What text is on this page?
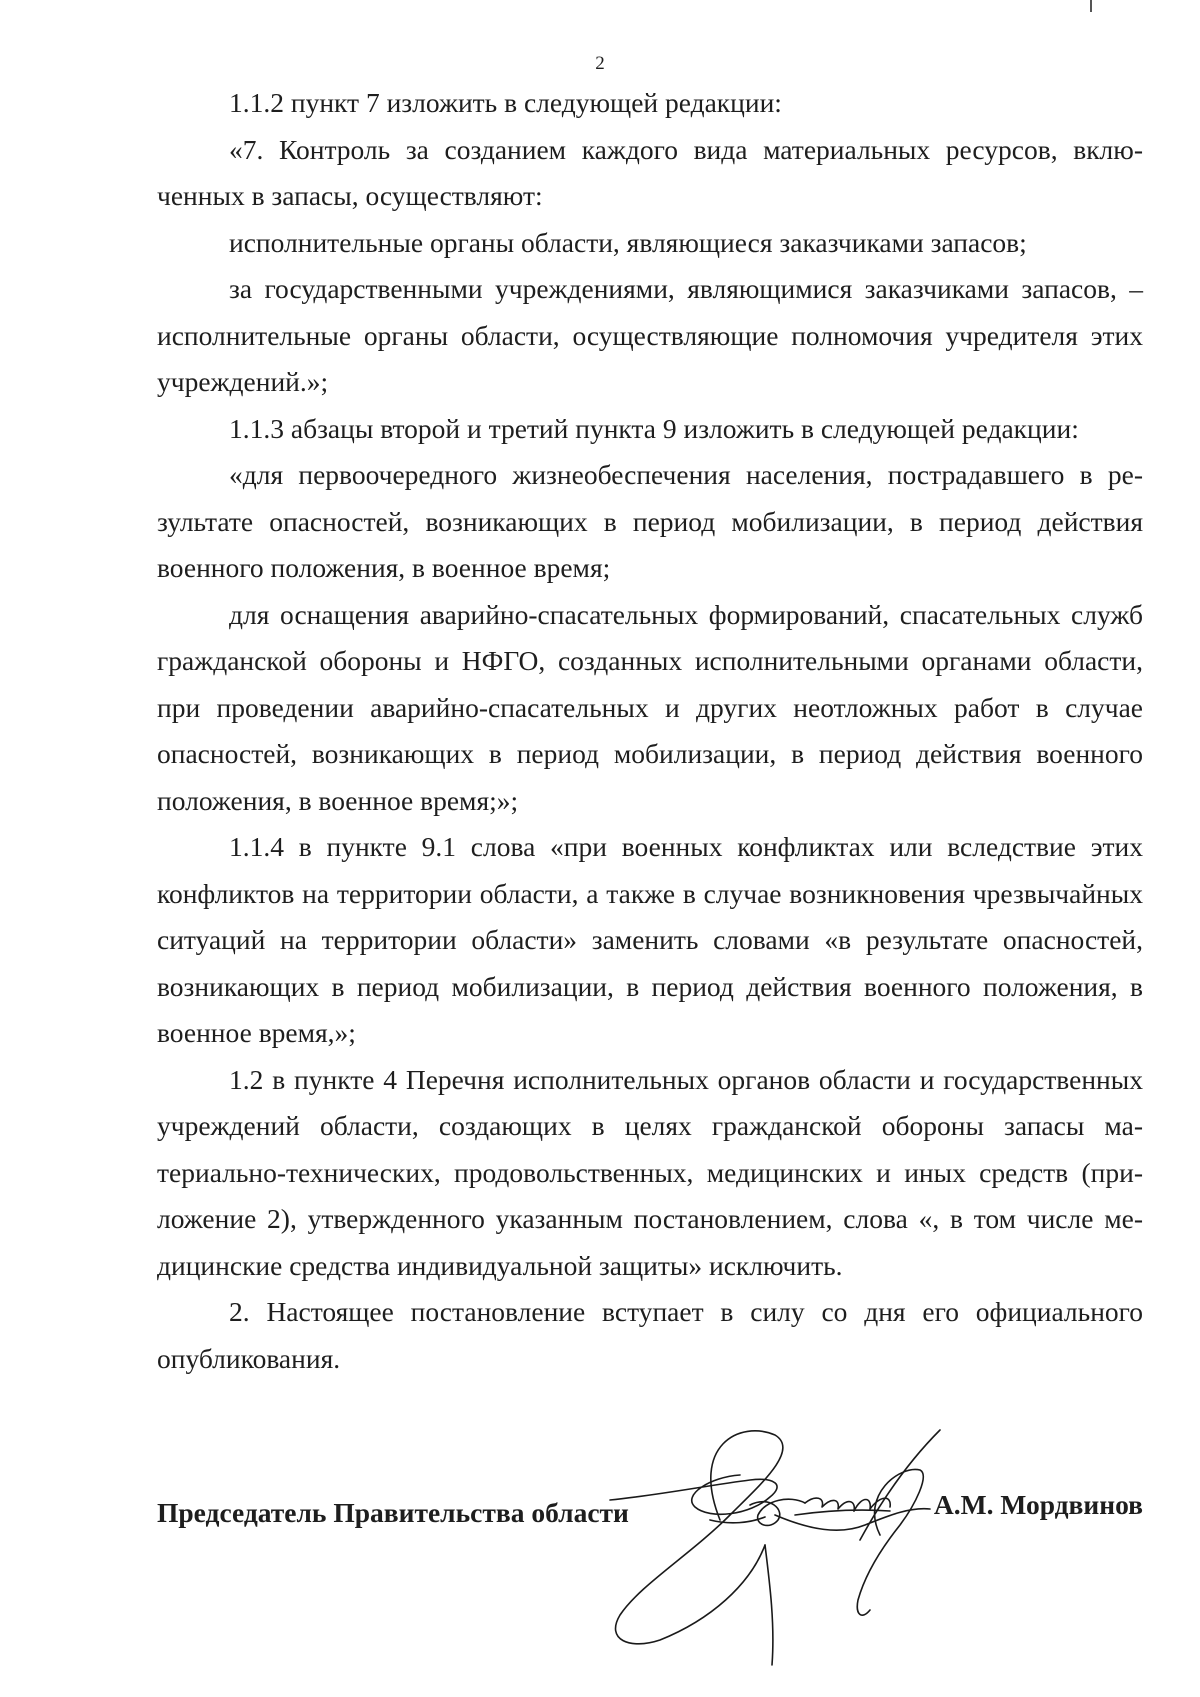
2

1.1.2 пункт 7 изложить в следующей редакции:

«7. Контроль за созданием каждого вида материальных ресурсов, включенных в запасы, осуществляют:

исполнительные органы области, являющиеся заказчиками запасов;

за государственными учреждениями, являющимися заказчиками запасов, – исполнительные органы области, осуществляющие полномочия учредителя этих учреждений.»;

1.1.3 абзацы второй и третий пункта 9 изложить в следующей редакции:

«для первоочередного жизнеобеспечения населения, пострадавшего в результате опасностей, возникающих в период мобилизации, в период действия военного положения, в военное время;

для оснащения аварийно-спасательных формирований, спасательных служб гражданской обороны и НФГО, созданных исполнительными органами области, при проведении аварийно-спасательных и других неотложных работ в случае опасностей, возникающих в период мобилизации, в период действия военного положения, в военное время;»;

1.1.4 в пункте 9.1 слова «при военных конфликтах или вследствие этих конфликтов на территории области, а также в случае возникновения чрезвычайных ситуаций на территории области» заменить словами «в результате опасностей, возникающих в период мобилизации, в период действия военного положения, в военное время,»;

1.2 в пункте 4 Перечня исполнительных органов области и государственных учреждений области, создающих в целях гражданской обороны запасы материально-технических, продовольственных, медицинских и иных средств (приложение 2), утвержденного указанным постановлением, слова «, в том числе медицинские средства индивидуальной защиты» исключить.

2. Настоящее постановление вступает в силу со дня его официального опубликования.

Председатель Правительства области	А.М. Мордвинов
